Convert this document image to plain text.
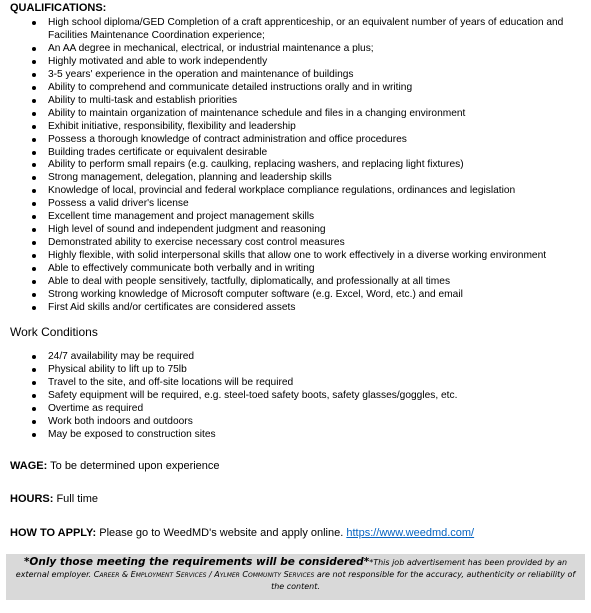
QUALIFICATIONS:
High school diploma/GED Completion of a craft apprenticeship, or an equivalent number of years of education and Facilities Maintenance Coordination experience;
An AA degree in mechanical, electrical, or industrial maintenance a plus;
Highly motivated and able to work independently
3-5 years' experience in the operation and maintenance of buildings
Ability to comprehend and communicate detailed instructions orally and in writing
Ability to multi-task and establish priorities
Ability to maintain organization of maintenance schedule and files in a changing environment
Exhibit initiative, responsibility, flexibility and leadership
Possess a thorough knowledge of contract administration and office procedures
Building trades certificate or equivalent desirable
Ability to perform small repairs (e.g. caulking, replacing washers, and replacing light fixtures)
Strong management, delegation, planning and leadership skills
Knowledge of local, provincial and federal workplace compliance regulations, ordinances and legislation
Possess a valid driver's license
Excellent time management and project management skills
High level of sound and independent judgment and reasoning
Demonstrated ability to exercise necessary cost control measures
Highly flexible, with solid interpersonal skills that allow one to work effectively in a diverse working environment
Able to effectively communicate both verbally and in writing
Able to deal with people sensitively, tactfully, diplomatically, and professionally at all times
Strong working knowledge of Microsoft computer software (e.g. Excel, Word, etc.) and email
First Aid skills and/or certificates are considered assets
Work Conditions
24/7 availability may be required
Physical ability to lift up to 75lb
Travel to the site, and off-site locations will be required
Safety equipment will be required, e.g. steel-toed safety boots, safety glasses/goggles, etc.
Overtime as required
Work both indoors and outdoors
May be exposed to construction sites
WAGE: To be determined upon experience
HOURS: Full time
HOW TO APPLY: Please go to WeedMD's website and apply online. https://www.weedmd.com/
*Only those meeting the requirements will be considered**This job advertisement has been provided by an external employer. Career & Employment Services / Aylmer Community Services are not responsible for the accuracy, authenticity or reliability of the content.
